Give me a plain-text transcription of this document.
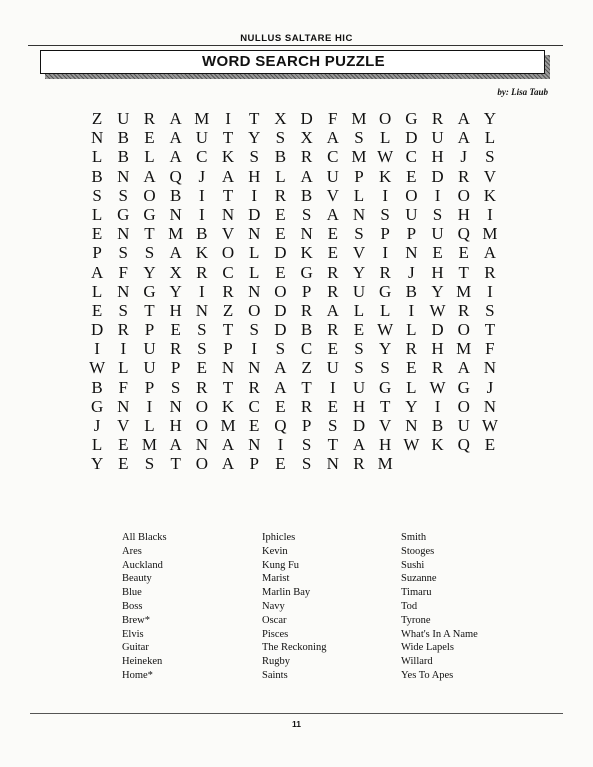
NULLUS SALTARE HIC
WORD SEARCH PUZZLE
by: Lisa Taub
Z U R A M I	T X D F M O G R A Y
N B E A U T Y S X A S L D U A L
L B L A C K S B R C M W C H J	S
B N A Q J A H L A U P K E D R V
S S O B	I	T	I	R B V L	I	O	I	O K
L G G N	I	N D E S A N S U S H	I
E N T M B V N E N E S P P U Q M
P S S A K O L D K E V	I	N E E A
A F Y X R C L E G R Y R	J H T R
L N G Y	I	R N O P R U G B Y M I
E S T H N Z O D R A L L	I W R S
D R P E S T S D B R E W L D O T
I	I	U R S P	I	S C E S Y R H M F
W L U P E N N A Z U S S E R A N
B F P S R T R A T	I	U G L W G J
G N	I	N O K C E R E H T Y	I	O N
J V L H O M E Q P S D V N B U W
L E M A N A N	I	S T A H W K Q E
Y E S T O A P E S N R M
All Blacks
Ares
Auckland
Beauty
Blue
Boss
Brew*
Elvis
Guitar
Heineken
Home*
Iphicles
Kevin
Kung Fu
Marist
Marlin Bay
Navy
Oscar
Pisces
The Reckoning
Rugby
Saints
Smith
Stooges
Sushi
Suzanne
Timaru
Tod
Tyrone
What's In A Name
Wide Lapels
Willard
Yes To Apes
11
